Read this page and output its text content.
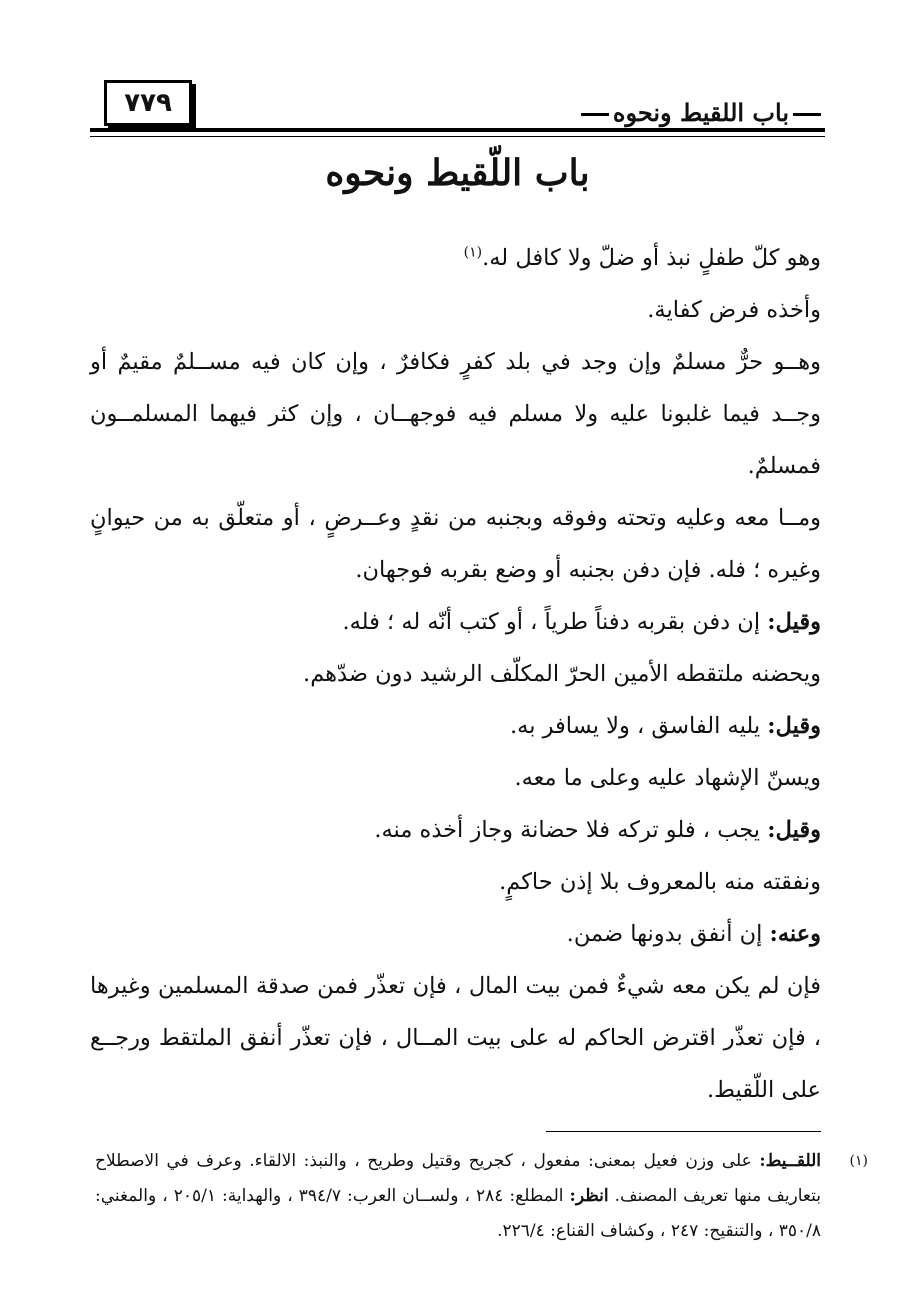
٧٧٩	باب اللقيط ونحوه
باب اللّقيط ونحوه

وهو كلّ طفلٍ نبذ أو ضلّ ولا كافل له.$^{(١)}$

وأخذه فرض كفاية.

وهــو حرٌّ مسلمٌ وإن وجد في بلد كفرٍ فكافرٌ ، وإن كان فيه مســلمٌ مقيمٌ أو وجــد فيما غلبونا عليه ولا مسلم فيه فوجهــان ، وإن كثر فيهما المسلمــون فمسلمٌ.

ومــا معه وعليه وتحته وفوقه وبجنبه من نقدٍ وعــرضٍ ، أو متعلّق به من حيوانٍ وغيره ؛ فله. فإن دفن بجنبه أو وضع بقربه فوجهان.

وقيل: إن دفن بقربه دفناً طرياً ، أو كتب أنّه له ؛ فله.

ويحضنه ملتقطه الأمين الحرّ المكلّف الرشيد دون ضدّهم.

وقيل: يليه الفاسق ، ولا يسافر به.

ويسنّ الإشهاد عليه وعلى ما معه.

وقيل: يجب ، فلو تركه فلا حضانة وجاز أخذه منه.

ونفقته منه بالمعروف بلا إذن حاكمٍ.

وعنه: إن أنفق بدونها ضمن.

فإن لم يكن معه شيءٌ فمن بيت المال ، فإن تعذّر فمن صدقة المسلمين وغيرها ، فإن تعذّر اقترض الحاكم له على بيت المــال ، فإن تعذّر أنفق الملتقط ورجــع على اللّقيط.

(١)
اللقــيط: على وزن فعيل بمعنى: مفعول ، كجريح وقتيل وطريح ، والنبذ: الالقاء. وعرف في الاصطلاح بتعاريف منها تعريف المصنف. انظر: المطلع: ٢٨٤ ، ولســان العرب: ٣٩٤/٧ ، والهداية: ٢٠٥/١ ، والمغني: ٣٥٠/٨ ، والتنقيح: ٢٤٧ ، وكشاف القناع: ٢٢٦/٤.
